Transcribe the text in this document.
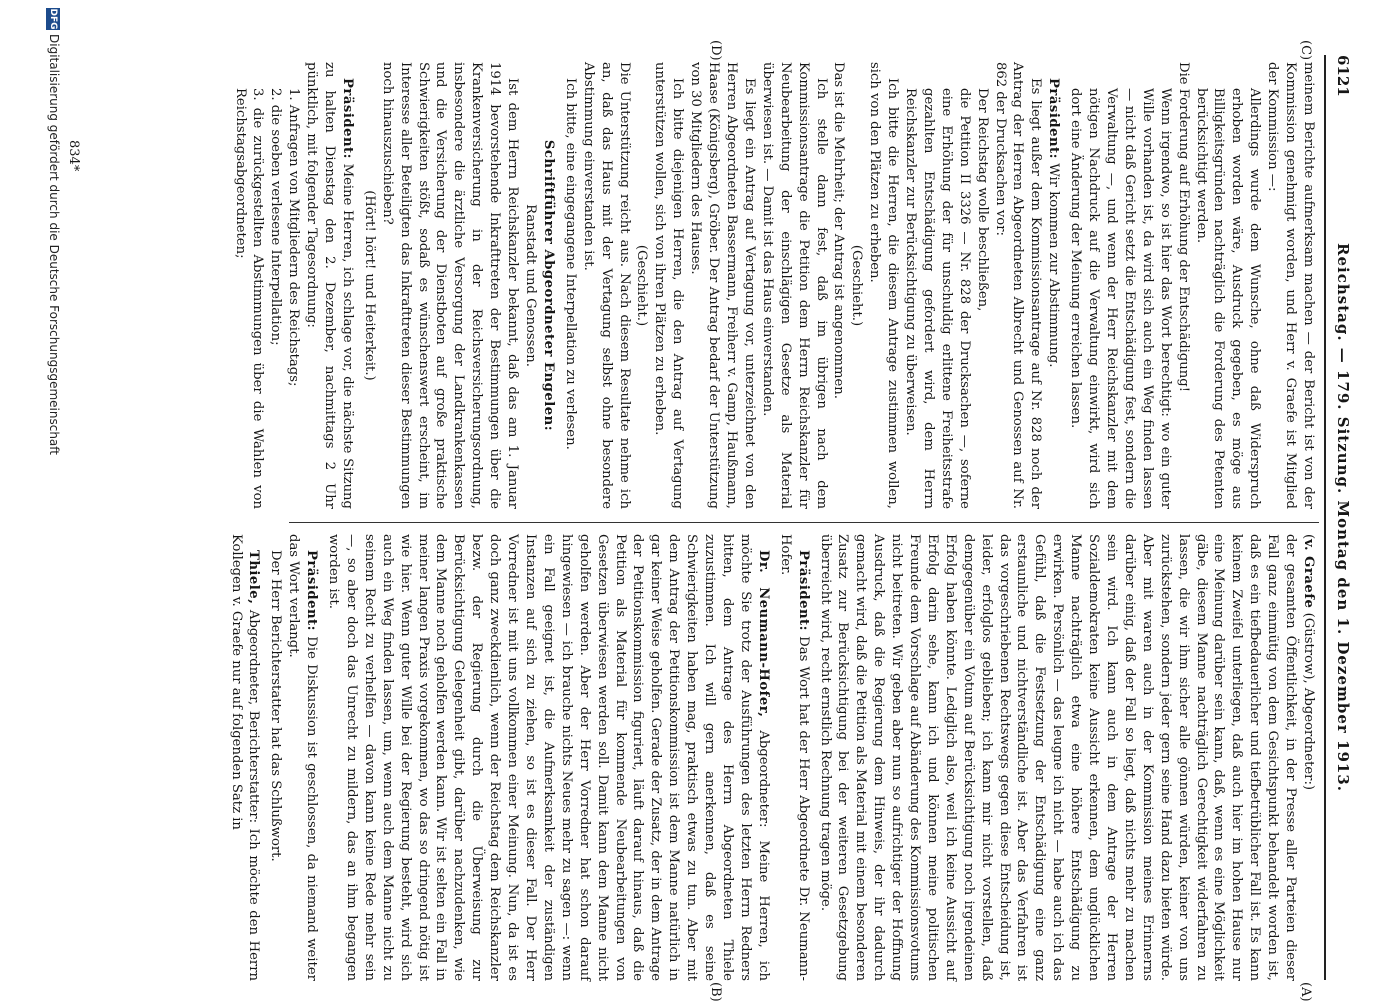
6121
Reichstag. — 179. Sitzung. Montag den 1. Dezember 1913.
(C)
(D)
(A)
(B)

meinem Berichte aufmerksam machen — der Bericht ist von der Kommission genehmigt worden, und Herr v. Graefe ist Mitglied der Kommission —:

Allerdings wurde dem Wunsche, ohne daß Widerspruch erhoben worden wäre, Ausdruck gegeben, es möge aus Billigkeitsgründen nachträglich die Forderung des Petenten berücksichtigt werden.

Die Forderung auf Erhöhung der Entschädigung!

Wenn irgendwo, so ist hier das Wort berechtigt: wo ein guter Wille vorhanden ist, da wird sich auch ein Weg finden lassen — nicht daß Gericht setzt die Entschädigung fest, sondern die Verwaltung —, und wenn der Herr Reichskanzler mit dem nötigen Nachdruck auf die Verwaltung einwirkt, wird sich dort eine Änderung der Meinung erreichen lassen.

Präsident: Wir kommen zur Abstimmung.

Es liegt außer dem Kommissionsantrage auf Nr. 828 noch der Antrag der Herren Abgeordneten Albrecht und Genossen auf Nr. 862 der Drucksachen vor:

Der Reichstag wolle beschließen,

die Petition II 3326 — Nr. 828 der Drucksachen —, soferne eine Erhöhung der für unschuldig erlittene Freiheitsstrafe gezahlten Entschädigung gefordert wird, dem Herrn Reichskanzler zur Berücksichtigung zu überweisen.

Ich bitte die Herren, die diesem Antrage zustimmen wollen, sich von den Plätzen zu erheben.

(Geschieht.)

Das ist die Mehrheit; der Antrag ist angenommen.

Ich stelle dann fest, daß im übrigen nach dem Kommissionsantrage die Petition dem Herrn Reichskanzler für Neubearbeitung der einschlägigen Gesetze als Material überwiesen ist. — Damit ist das Haus einverstanden.

Es liegt ein Antrag auf Vertagung vor, unterzeichnet von den Herren Abgeordneten Bassermann, Freiherr v. Gamp, Haußmann, Haase (Königsberg), Gröber. Der Antrag bedarf der Unterstützung von 30 Mitgliedern des Hauses.

Ich bitte diejenigen Herren, die den Antrag auf Vertagung unterstützen wollen, sich von ihren Plätzen zu erheben.

(Geschieht.)

Die Unterstützung reicht aus. Nach diesem Resultate nehme ich an, daß das Haus mit der Vertagung selbst ohne besondere Abstimmung einverstanden ist.

Ich bitte, eine eingegangene Interpellation zu verlesen.

Schriftführer Abgeordneter Engelen:

Ranstadt und Genossen.

Ist dem Herrn Reichskanzler bekannt, daß das am 1. Januar 1914 bevorstehende Inkrafttreten der Bestimmungen über die Krankenversicherung in der Reichsversicherungsordnung, insbesondere die ärztliche Versorgung der Landkrankenkassen und die Versicherung der Dienstboten auf große praktische Schwierigkeiten stößt, sodaß es wünschenswert erscheint, im Interesse aller Beteiligten das Inkrafttreten dieser Bestimmungen noch hinauszuschieben?

(Hört! hört! und Heiterkeit.)

Präsident: Meine Herren, ich schlage vor, die nächste Sitzung zu halten Dienstag den 2. Dezember, nachmittags 2 Uhr pünktlich, mit folgender Tagesordnung:

1. Anfragen von Mitgliedern des Reichstags;

2. die soeben verlesene Interpellation;

3. die zurückgestellten Abstimmungen über die Wahlen von Reichstagsabgeordneten;

(v. Graefe (Güstrow), Abgeordneter:)

der gesamten Öffentlichkeit, in der Presse aller Parteien dieser Fall ganz einmütig von dem Gesichtspunkt behandelt worden ist, daß es ein tiefbedauerlicher und tiefbetrüblicher Fall ist. Es kann keinem Zweifel unterliegen, daß auch hier im hohen Hause nur eine Meinung darüber sein kann, daß, wenn es eine Möglichkeit gäbe, diesem Manne nachträglich Gerechtigkeit widerfahren zu lassen, die wir ihm sicher alle gönnen würden, keiner von uns zurückstehen, sondern jeder gern seine Hand dazu bieten würde. Aber mit waren auch in der Kommission meines Erinnerns darüber einig, daß der Fall so liegt, daß nichts mehr zu machen sein wird. Ich kann auch in dem Antrage der Herren Sozialdemokraten keine Aussicht erkennen, dem unglücklichen Manne nachträglich etwa eine höhere Entschädigung zu erwirken. Persönlich — das leugne ich nicht — habe auch ich das Gefühl, daß die Festsetzung der Entschädigung eine ganz erstaunliche und nichtverständliche ist. Aber das Verfahren ist das vorgeschriebenen Rechtswegs gegen diese Entscheidung ist, leider, erfolglos geblieben; ich kann mir nicht vorstellen, daß demgegenüber ein Votum auf Berücksichtigung noch irgendeinen Erfolg haben könnte. Lediglich also, weil ich keine Aussicht auf Erfolg darin sehe, kann ich und können meine politischen Freunde dem Vorschlage auf Abänderung des Kommissionsvotums nicht beitreten. Wir geben aber nun so aufrichtiger der Hoffnung Ausdruck, daß die Regierung dem Hinweis, der ihr dadurch gemacht wird, daß die Petition als Material mit einem besonderen Zusatz zur Berücksichtigung bei der weiteren Gesetzgebung überreicht wird, recht ernstlich Rechnung tragen möge.

Präsident: Das Wort hat der Herr Abgeordnete Dr. Neumann-Hofer.

Dr. Neumann-Hofer, Abgeordneter: Meine Herren, ich möchte Sie trotz der Ausführungen des letzten Herrn Redners bitten, dem Antrage des Herrn Abgeordneten Thiele zuzustimmen. Ich will gern anerkennen, daß es seine Schwierigkeiten haben mag, praktisch etwas zu tun. Aber mit dem Antrag der Petitionskommission ist dem Manne natürlich in gar keiner Weise geholfen. Gerade der Zusatz, der in dem Antrage der Petitionskommission figuriert, läuft darauf hinaus, daß die Petition als Material für kommende Neubearbeitungen von Gesetzen überwiesen werden soll. Damit kann dem Manne nicht geholfen werden. Aber der Herr Vorredner hat schon darauf hingewiesen — ich brauche nichts Neues mehr zu sagen —: wenn ein Fall geeignet ist, die Aufmerksamkeit der zuständigen Instanzen auf sich zu ziehen, so ist es dieser Fall. Der Herr Vorredner ist mit uns vollkommen einer Meinung. Nun, da ist es doch ganz zweckdienlich, wenn der Reichstag dem Reichskanzler bezw. der Regierung durch die Überweisung zur Berücksichtigung Gelegenheit gibt, darüber nachzudenken, wie dem Manne noch geholfen werden kann. Wir ist selten ein Fall in meiner langen Praxis vorgekommen, wo das so dringend nötig ist wie hier. Wenn guter Wille bei der Regierung besteht, wird sich auch ein Weg finden lassen, um, wenn auch dem Manne nicht zu seinem Recht zu verhelfen — davon kann keine Rede mehr sein —, so aber doch das Unrecht zu mildern, das an ihm begangen worden ist.

Präsident: Die Diskussion ist geschlossen, da niemand weiter das Wort verlangt.

Der Herr Berichterstatter hat das Schlußwort.

Thiele, Abgeordneter, Berichterstatter: Ich möchte den Herrn Kollegen v. Graefe nur auf folgenden Satz in

834*
DFGDigitalisierung gefördert durch die Deutsche Forschungsgemeinschaft
